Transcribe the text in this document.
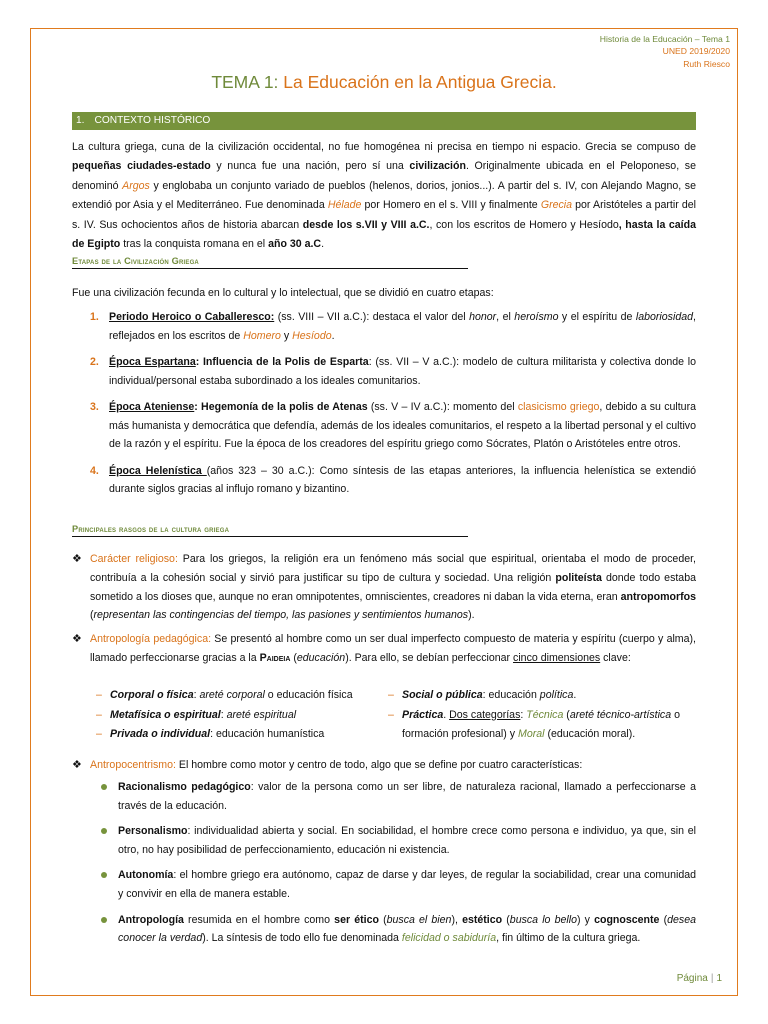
Historia de la Educación – Tema 1
UNED 2019/2020
Ruth Riesco
TEMA 1: La Educación en la Antigua Grecia.
1. CONTEXTO HISTÓRICO

La cultura griega, cuna de la civilización occidental, no fue homogénea ni precisa en tiempo ni espacio. Grecia se compuso de pequeñas ciudades-estado y nunca fue una nación, pero sí una civilización. Originalmente ubicada en el Peloponeso, se denominó Argos y englobaba un conjunto variado de pueblos (helenos, dorios, jonios...). A partir del s. IV, con Alejando Magno, se extendió por Asia y el Mediterráneo. Fue denominada Hélade por Homero en el s. VIII y finalmente Grecia por Aristóteles a partir del s. IV. Sus ochocientos años de historia abarcan desde los s.VII y VIII a.C., con los escritos de Homero y Hesíodo, hasta la caída de Egipto tras la conquista romana en el año 30 a.C.

Etapas de la Civilización Griega

Fue una civilización fecunda en lo cultural y lo intelectual, que se dividió en cuatro etapas:

1. Periodo Heroico o Caballeresco: (ss. VIII – VII a.C.): destaca el valor del honor, el heroísmo y el espíritu de laboriosidad, reflejados en los escritos de Homero y Hesíodo.
2. Época Espartana: Influencia de la Polis de Esparta: (ss. VII – V a.C.): modelo de cultura militarista y colectiva donde lo individual/personal estaba subordinado a los ideales comunitarios.
3. Época Ateniense: Hegemonía de la polis de Atenas (ss. V – IV a.C.): momento del clasicismo griego, debido a su cultura más humanista y democrática que defendía, además de los ideales comunitarios, el respeto a la libertad personal y el cultivo de la razón y el espíritu. Fue la época de los creadores del espíritu griego como Sócrates, Platón o Aristóteles entre otros.
4. Época Helenística (años 323 – 30 a.C.): Como síntesis de las etapas anteriores, la influencia helenística se extendió durante siglos gracias al influjo romano y bizantino.
Principales rasgos de la cultura griega
❖ Carácter religioso: Para los griegos, la religión era un fenómeno más social que espiritual, orientaba el modo de proceder, contribuía a la cohesión social y sirvió para justificar su tipo de cultura y sociedad. Una religión politeísta donde todo estaba sometido a los dioses que, aunque no eran omnipotentes, omniscientes, creadores ni daban la vida eterna, eran antropomorfos (representan las contingencias del tiempo, las pasiones y sentimientos humanos).
❖ Antropología pedagógica: Se presentó al hombre como un ser dual imperfecto compuesto de materia y espíritu (cuerpo y alma), llamado perfeccionarse gracias a la Paideia (educación). Para ello, se debían perfeccionar cinco dimensiones clave:
– Corporal o física: areté corporal o educación física
– Metafísica o espiritual: areté espiritual
– Privada o individual: educación humanística
– Social o pública: educación política.
– Práctica. Dos categorías: Técnica (areté técnico-artística o formación profesional) y Moral (educación moral).
❖ Antropocentrismo: El hombre como motor y centro de todo, algo que se define por cuatro características:
Racionalismo pedagógico: valor de la persona como un ser libre, de naturaleza racional, llamado a perfeccionarse a través de la educación.
Personalismo: individualidad abierta y social. En sociabilidad, el hombre crece como persona e individuo, ya que, sin el otro, no hay posibilidad de perfeccionamiento, educación ni existencia.
Autonomía: el hombre griego era autónomo, capaz de darse y dar leyes, de regular la sociabilidad, crear una comunidad y convivir en ella de manera estable.
Antropología resumida en el hombre como ser ético (busca el bien), estético (busca lo bello) y cognoscente (desea conocer la verdad). La síntesis de todo ello fue denominada felicidad o sabiduría, fin último de la cultura griega.
Página | 1
